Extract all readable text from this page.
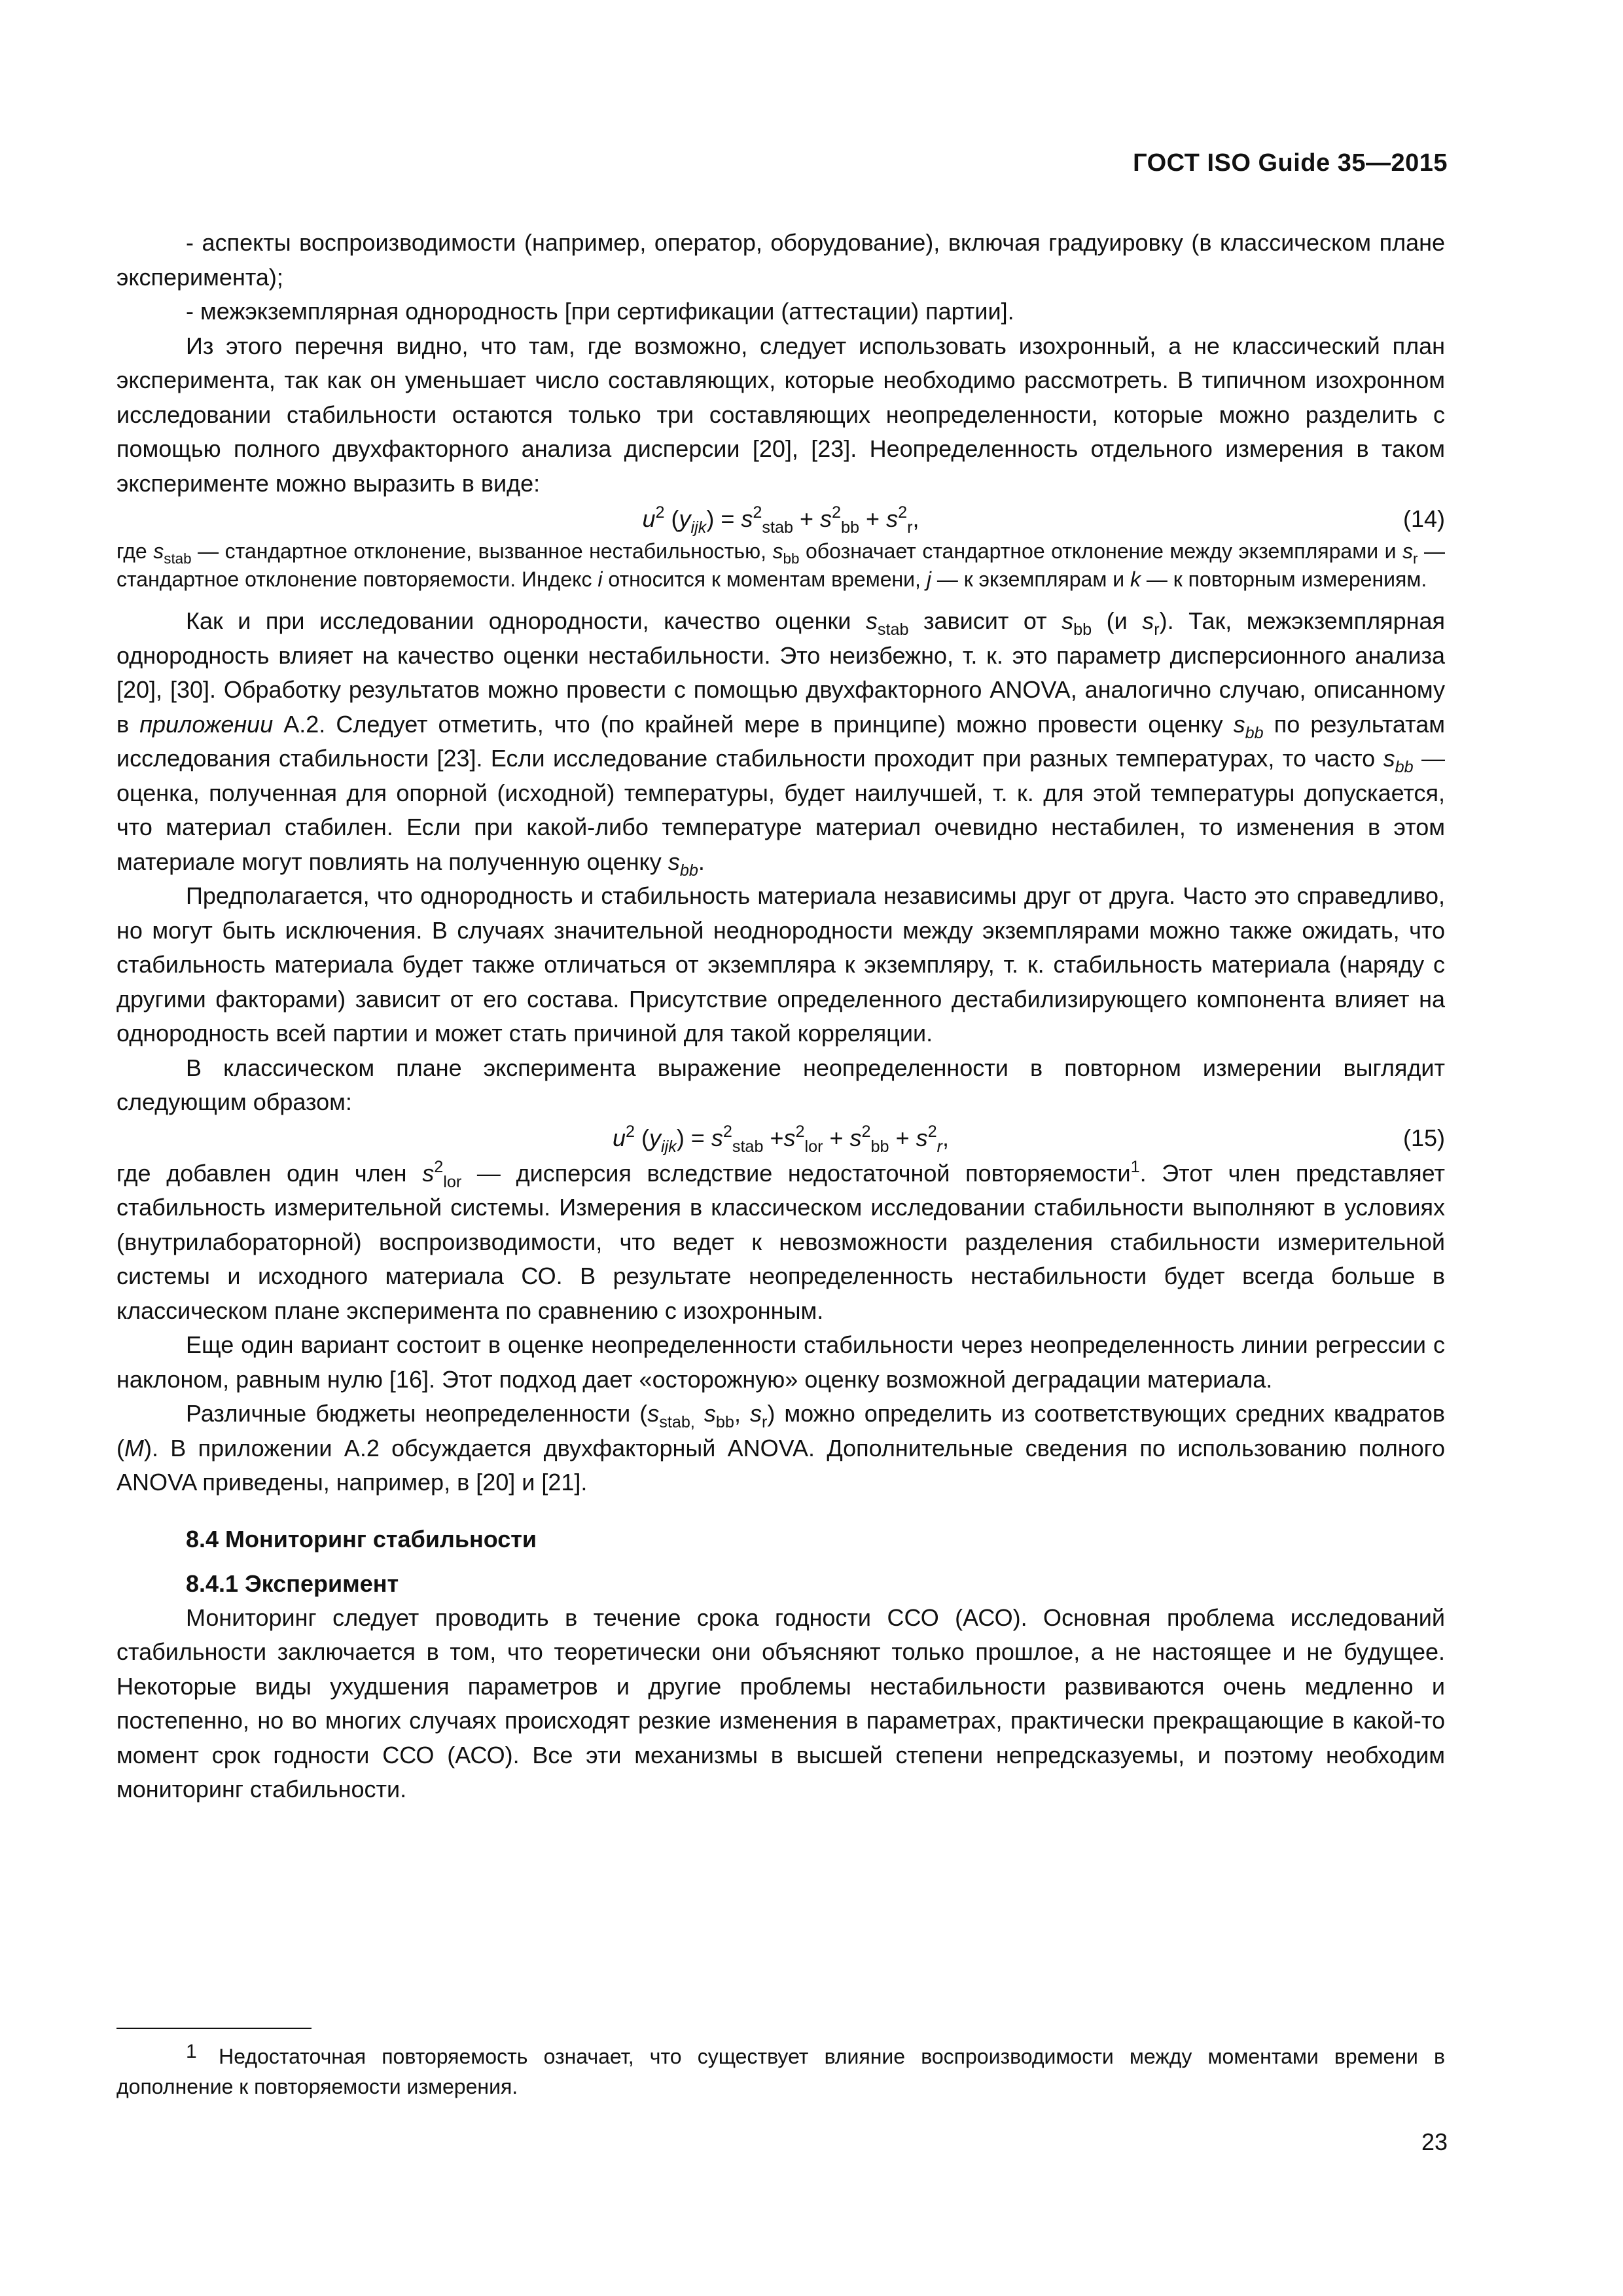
ГОСТ ISO Guide 35—2015

- аспекты воспроизводимости (например, оператор, оборудование), включая градуировку (в классическом плане эксперимента);

- межэкземплярная однородность [при сертификации (аттестации) партии].

Из этого перечня видно, что там, где возможно, следует использовать изохронный, а не классический план эксперимента, так как он уменьшает число составляющих, которые необходимо рассмотреть. В типичном изохронном исследовании стабильности остаются только три составляющих неопределенности, которые можно разделить с помощью полного двухфакторного анализа дисперсии [20], [23]. Неопределенность отдельного измерения в таком эксперименте можно выразить в виде:

$u^2$ $(y_{ijk}) = s^2_{stab} + s^2_{bb} + s^2_r$,	(14)

где $s_{stab}$ — стандартное отклонение, вызванное нестабильностью, $s_{bb}$ обозначает стандартное отклонение между экземплярами и $s_r$ — стандартное отклонение повторяемости. Индекс i относится к моментам времени, j — к экземплярам и k — к повторным измерениям.

Как и при исследовании однородности, качество оценки $s_{stab}$ зависит от $s_{bb}$ (и $s_r$). Так, межэкземплярная однородность влияет на качество оценки нестабильности. Это неизбежно, т. к. это параметр дисперсионного анализа [20], [30]. Обработку результатов можно провести с помощью двухфакторного ANOVA, аналогично случаю, описанному в приложении А.2. Следует отметить, что (по крайней мере в принципе) можно провести оценку $s_{bb}$ по результатам исследования стабильности [23]. Если исследование стабильности проходит при разных температурах, то часто $s_{bb}$ — оценка, полученная для опорной (исходной) температуры, будет наилучшей, т. к. для этой температуры допускается, что материал стабилен. Если при какой-либо температуре материал очевидно нестабилен, то изменения в этом материале могут повлиять на полученную оценку $s_{bb}$.

Предполагается, что однородность и стабильность материала независимы друг от друга. Часто это справедливо, но могут быть исключения. В случаях значительной неоднородности между экземплярами можно также ожидать, что стабильность материала будет также отличаться от экземпляра к экземпляру, т. к. стабильность материала (наряду с другими факторами) зависит от его состава. Присутствие определенного дестабилизирующего компонента влияет на однородность всей партии и может стать причиной для такой корреляции.

В классическом плане эксперимента выражение неопределенности в повторном измерении выглядит следующим образом:

$u^2$ $(y_{ijk}) = s^2_{stab} +s^2_{lor} + s^2_{bb} + s^2_r$,	(15)

где добавлен один член $s^2_{lor}$ — дисперсия вследствие недостаточной повторяемости$^1$. Этот член представляет стабильность измерительной системы. Измерения в классическом исследовании стабильности выполняют в условиях (внутрилабораторной) воспроизводимости, что ведет к невозможности разделения стабильности измерительной системы и исходного материала СО. В результате неопределенность нестабильности будет всегда больше в классическом плане эксперимента по сравнению с изохронным.

Еще один вариант состоит в оценке неопределенности стабильности через неопределенность линии регрессии с наклоном, равным нулю [16]. Этот подход дает «осторожную» оценку возможной деградации материала.

Различные бюджеты неопределенности ($s_{stab,}$ $s_{bb}$, $s_r$) можно определить из соответствующих средних квадратов (M). В приложении А.2 обсуждается двухфакторный ANOVA. Дополнительные сведения по использованию полного ANOVA приведены, например, в [20] и [21].

8.4 Мониторинг стабильности
8.4.1 Эксперимент

Мониторинг следует проводить в течение срока годности ССО (АСО). Основная проблема исследований стабильности заключается в том, что теоретически они объясняют только прошлое, а не настоящее и не будущее. Некоторые виды ухудшения параметров и другие проблемы нестабильности развиваются очень медленно и постепенно, но во многих случаях происходят резкие изменения в параметрах, практически прекращающие в какой-то момент срок годности ССО (АСО). Все эти механизмы в высшей степени непредсказуемы, и поэтому необходим мониторинг стабильности.

1 Недостаточная повторяемость означает, что существует влияние воспроизводимости между моментами времени в дополнение к повторяемости измерения.
23
